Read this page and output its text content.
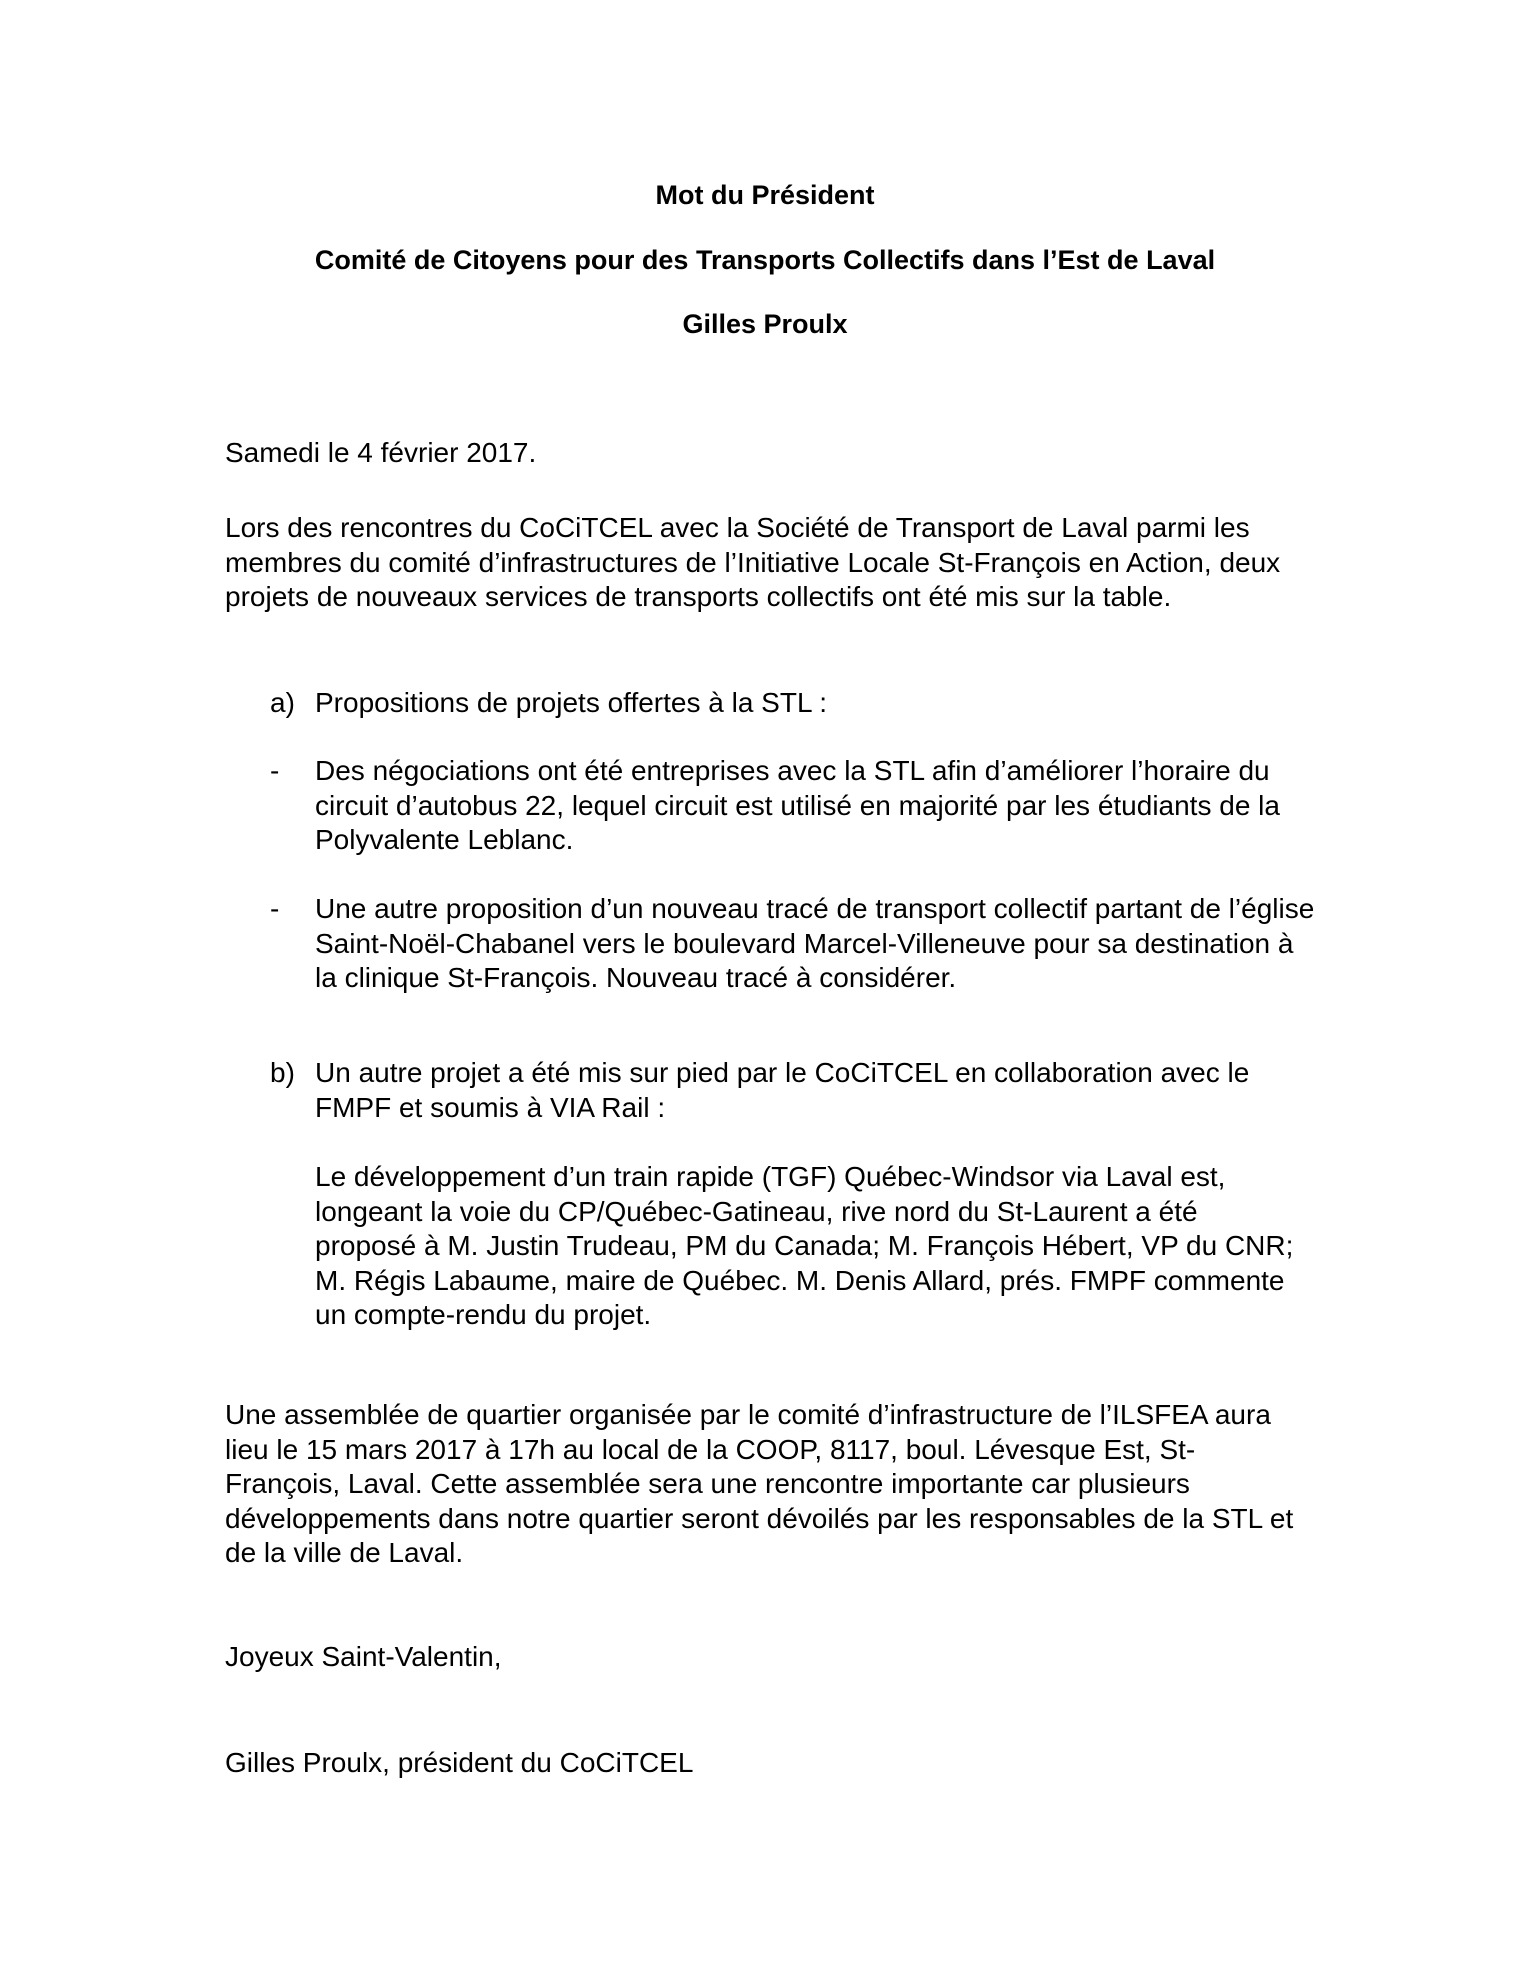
Mot du Président
Comité de Citoyens pour des Transports Collectifs dans l’Est de Laval
Gilles Proulx

Samedi le 4 février 2017.

Lors des rencontres du CoCiTCEL avec la Société de Transport de Laval parmi les membres du comité d’infrastructures de l’Initiative Locale St-François en Action, deux projets de nouveaux services de transports collectifs ont été mis sur la table.

a) Propositions de projets offertes à la STL :

- Des négociations ont été entreprises avec la STL afin d’améliorer l’horaire du circuit d’autobus 22, lequel circuit est utilisé en majorité par les étudiants de la Polyvalente Leblanc.

- Une autre proposition d’un nouveau tracé de transport collectif partant de l’église Saint-Noël-Chabanel vers le boulevard Marcel-Villeneuve pour sa destination à la clinique St-François. Nouveau tracé à considérer.

b) Un autre projet a été mis sur pied par le CoCiTCEL en collaboration avec le FMPF et soumis à VIA Rail :

Le développement d’un train rapide (TGF) Québec-Windsor via Laval est, longeant la voie du CP/Québec-Gatineau, rive nord du St-Laurent a été proposé à M. Justin Trudeau, PM du Canada; M. François Hébert, VP du CNR; M. Régis Labaume, maire de Québec. M. Denis Allard, prés. FMPF commente un compte-rendu du projet.

Une assemblée de quartier organisée par le comité d’infrastructure de l’ILSFEA aura lieu le 15 mars 2017 à 17h au local de la COOP, 8117, boul. Lévesque Est, St-François, Laval. Cette assemblée sera une rencontre importante car plusieurs développements dans notre quartier seront dévoilés par les responsables de la STL et de la ville de Laval.

Joyeux Saint-Valentin,

Gilles Proulx, président du CoCiTCEL
